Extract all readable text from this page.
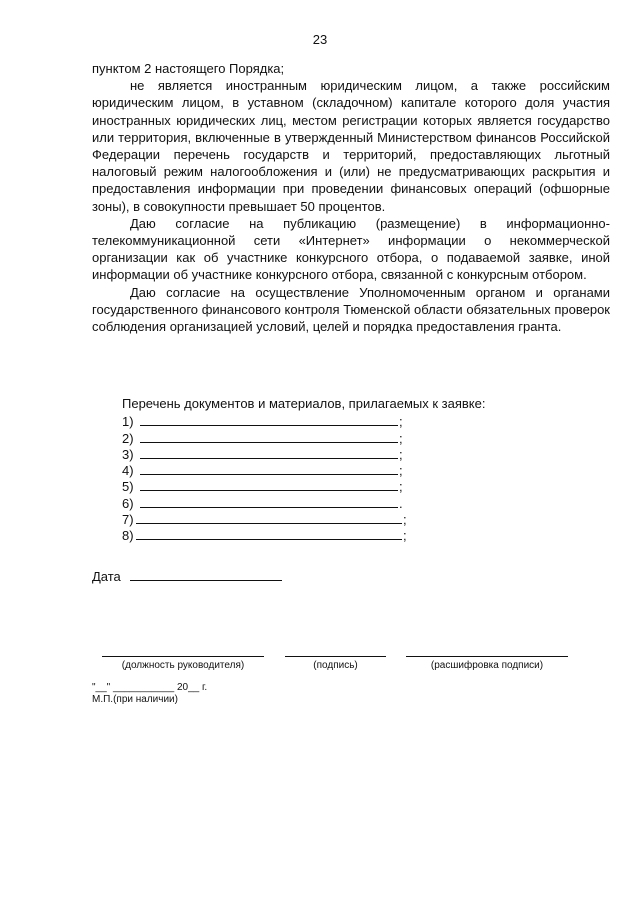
23

пунктом 2 настоящего Порядка;

не является иностранным юридическим лицом, а также российским юридическим лицом, в уставном (складочном) капитале которого доля участия иностранных юридических лиц, местом регистрации которых является государство или территория, включенные в утвержденный Министерством финансов Российской Федерации перечень государств и территорий, предоставляющих льготный налоговый режим налогообложения и (или) не предусматривающих раскрытия и предоставления информации при проведении финансовых операций (офшорные зоны), в совокупности превышает 50 процентов.

Даю согласие на публикацию (размещение) в информационно-телекоммуникационной сети «Интернет» информации о некоммерческой организации как об участнике конкурсного отбора, о подаваемой заявке, иной информации об участнике конкурсного отбора, связанной с конкурсным отбором.

Даю согласие на осуществление Уполномоченным органом и органами государственного финансового контроля Тюменской области обязательных проверок соблюдения организацией условий, целей и порядка предоставления гранта.

Перечень документов и материалов, прилагаемых к заявке:
1)	;
2)	;
3)	;
4)	;
5)	;
6)	.
7)	;
8)	;
Дата
(должность руководителя)	(подпись)	(расшифровка подписи)
"__" ___________ 20__ г.
М.П.(при наличии)
